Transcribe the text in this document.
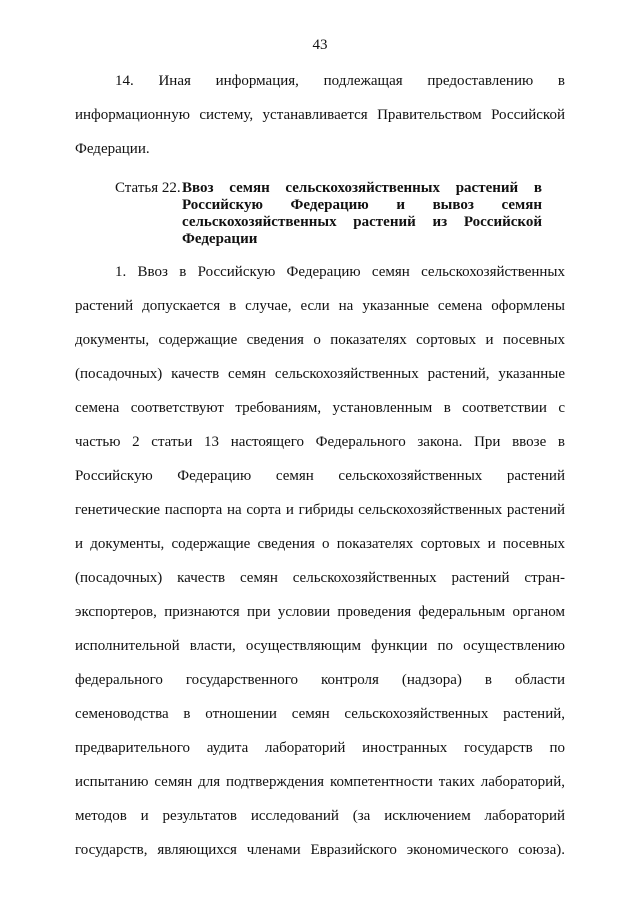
43
14. Иная информация, подлежащая предоставлению в
информационную систему, устанавливается Правительством Российской
Федерации.
Статья 22. Ввоз семян сельскохозяйственных растений в
Российскую Федерацию и вывоз семян
сельскохозяйственных растений из Российской
Федерации
1. Ввоз в Российскую Федерацию семян сельскохозяйственных
растений допускается в случае, если на указанные семена оформлены
документы, содержащие сведения о показателях сортовых и посевных
(посадочных) качеств семян сельскохозяйственных растений, указанные
семена соответствуют требованиям, установленным в соответствии с
частью 2 статьи 13 настоящего Федерального закона. При ввозе в
Российскую Федерацию семян сельскохозяйственных растений
генетические паспорта на сорта и гибриды сельскохозяйственных растений
и документы, содержащие сведения о показателях сортовых и посевных
(посадочных) качеств семян сельскохозяйственных растений стран-
экспортеров, признаются при условии проведения федеральным органом
исполнительной власти, осуществляющим функции по осуществлению
федерального государственного контроля (надзора) в области
семеноводства в отношении семян сельскохозяйственных растений,
предварительного аудита лабораторий иностранных государств по
испытанию семян для подтверждения компетентности таких лабораторий,
методов и результатов исследований (за исключением лабораторий
государств, являющихся членами Евразийского экономического союза).
